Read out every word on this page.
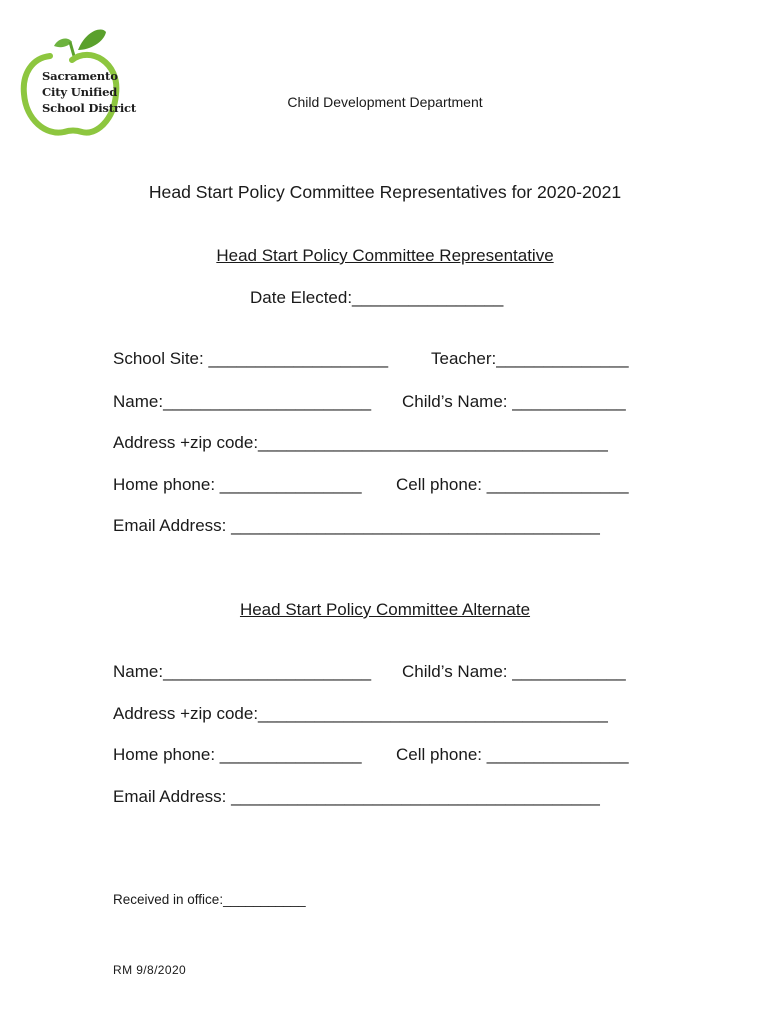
Sacramento
City Unified
School District	Child Development Department
Head Start Policy Committee Representatives for 2020-2021
Head Start Policy Committee Representative
Date Elected:________________
School Site: ___________________	Teacher:______________
Name:______________________ Child’s Name: ____________
Address +zip code:_____________________________________
Home phone: _______________ Cell phone: _______________
Email Address: _______________________________________
Head Start Policy Committee Alternate
Name:______________________ Child’s Name: ____________
Address +zip code:_____________________________________
Home phone: _______________ Cell phone: _______________
Email Address: _______________________________________
Received in office:___________
RM 9/8/2020
